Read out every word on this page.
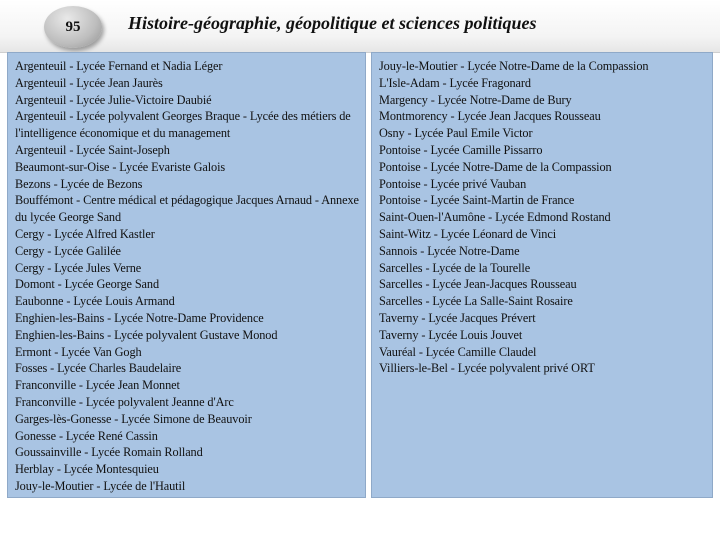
95	Histoire-géographie, géopolitique et sciences politiques

Argenteuil - Lycée Fernand et Nadia Léger

Argenteuil - Lycée Jean Jaurès

Argenteuil - Lycée Julie-Victoire Daubié

Argenteuil - Lycée polyvalent Georges Braque - Lycée des métiers de l'intelligence économique et du management

Argenteuil - Lycée Saint-Joseph

Beaumont-sur-Oise - Lycée Evariste Galois

Bezons - Lycée de Bezons

Bouffémont - Centre médical et pédagogique Jacques Arnaud - Annexe du lycée George Sand

Cergy - Lycée Alfred Kastler

Cergy - Lycée Galilée

Cergy - Lycée Jules Verne

Domont - Lycée George Sand

Eaubonne - Lycée Louis Armand

Enghien-les-Bains - Lycée Notre-Dame Providence

Enghien-les-Bains - Lycée polyvalent Gustave Monod

Ermont - Lycée Van Gogh

Fosses - Lycée Charles Baudelaire

Franconville - Lycée Jean Monnet

Franconville - Lycée polyvalent Jeanne d'Arc

Garges-lès-Gonesse - Lycée Simone de Beauvoir

Gonesse - Lycée René Cassin

Goussainville - Lycée Romain Rolland

Herblay - Lycée Montesquieu

Jouy-le-Moutier - Lycée de l'Hautil

Jouy-le-Moutier - Lycée Notre-Dame de la Compassion

L'Isle-Adam - Lycée Fragonard

Margency - Lycée Notre-Dame de Bury

Montmorency - Lycée Jean Jacques Rousseau

Osny - Lycée Paul Emile Victor

Pontoise - Lycée Camille Pissarro

Pontoise - Lycée Notre-Dame de la Compassion

Pontoise - Lycée privé Vauban

Pontoise - Lycée Saint-Martin de France

Saint-Ouen-l'Aumône - Lycée Edmond Rostand

Saint-Witz - Lycée Léonard de Vinci

Sannois - Lycée Notre-Dame

Sarcelles - Lycée de la Tourelle

Sarcelles - Lycée Jean-Jacques Rousseau

Sarcelles - Lycée La Salle-Saint Rosaire

Taverny - Lycée Jacques Prévert

Taverny - Lycée Louis Jouvet

Vauréal - Lycée Camille Claudel

Villiers-le-Bel - Lycée polyvalent privé ORT
